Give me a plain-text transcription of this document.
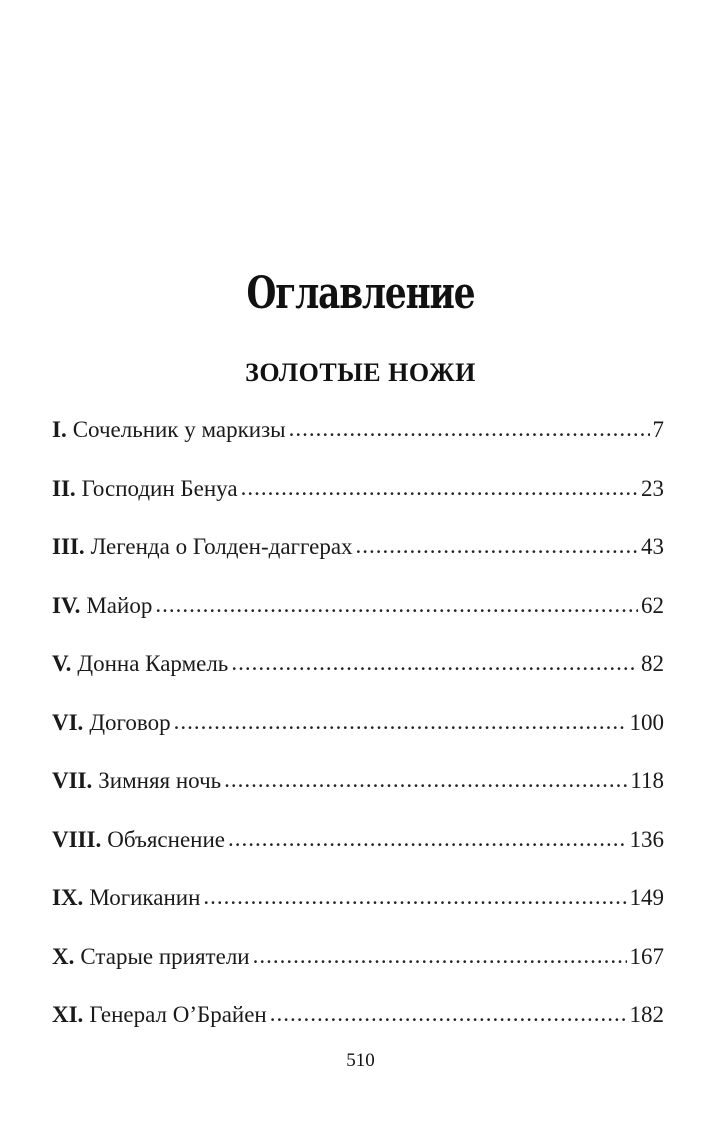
Оглавление
ЗОЛОТЫЕ НОЖИ
I. Сочельник у маркизы .....	7
II. Господин Бенуа .....	23
III. Легенда о Голден-даггерах .....	43
IV. Майор .....	62
V. Донна Кармель .....	82
VI. Договор .....	100
VII. Зимняя ночь .....	118
VIII. Объяснение .....	136
IX. Могиканин .....	149
X. Старые приятели .....	167
XI. Генерал О’Брайен .....	182
510
